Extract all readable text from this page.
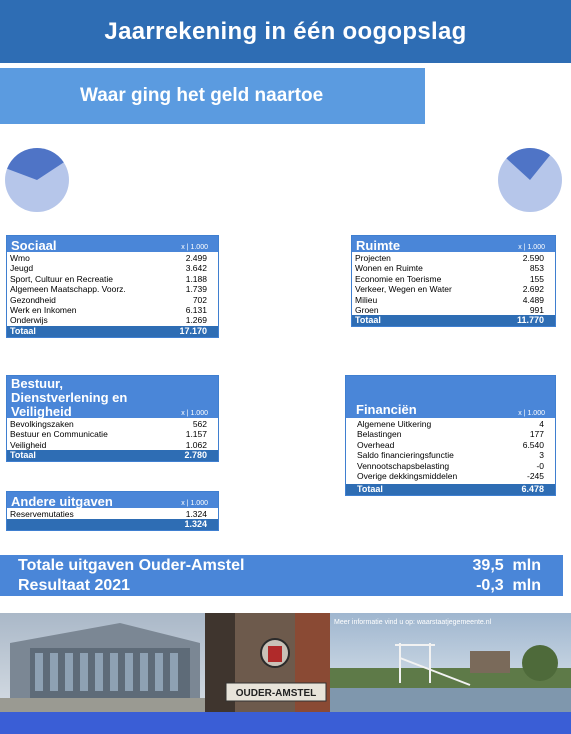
Jaarrekening in één oogopslag
Waar ging het geld naartoe
Sociaal	x | 1.000
Wmo	2.499
Jeugd	3.642
Sport, Cultuur en Recreatie	1.188
Algemeen Maatschapp. Voorz.	1.739
Gezondheid	702
Werk en Inkomen	6.131
Onderwijs	1.269
Totaal	17.170
Ruimte	x | 1.000
Projecten	2.590
Wonen en Ruimte	853
Economie en Toerisme	155
Verkeer, Wegen en Water	2.692
Milieu	4.489
Groen	991
Totaal	11.770
Bestuur,
Dienstverlening en
Veiligheid	x | 1.000
Bevolkingszaken	562
Bestuur en Communicatie	1.157
Veiligheid	1.062
Totaal	2.780
Financiën	x | 1.000
Algemene Uitkering	4
Belastingen	177
Overhead	6.540
Saldo financieringsfunctie	3
Vennootschapsbelasting	-0
Overige dekkingsmiddelen	-245
Totaal	6.478
Andere uitgaven	x | 1.000
Reservemutaties	1.324
1.324
Totale uitgaven Ouder-Amstel	39,5  mln
Resultaat 2021	-0,3  mln
OUDER-AMSTEL
Meer informatie vind u op: waarstaatjegemeente.nl
